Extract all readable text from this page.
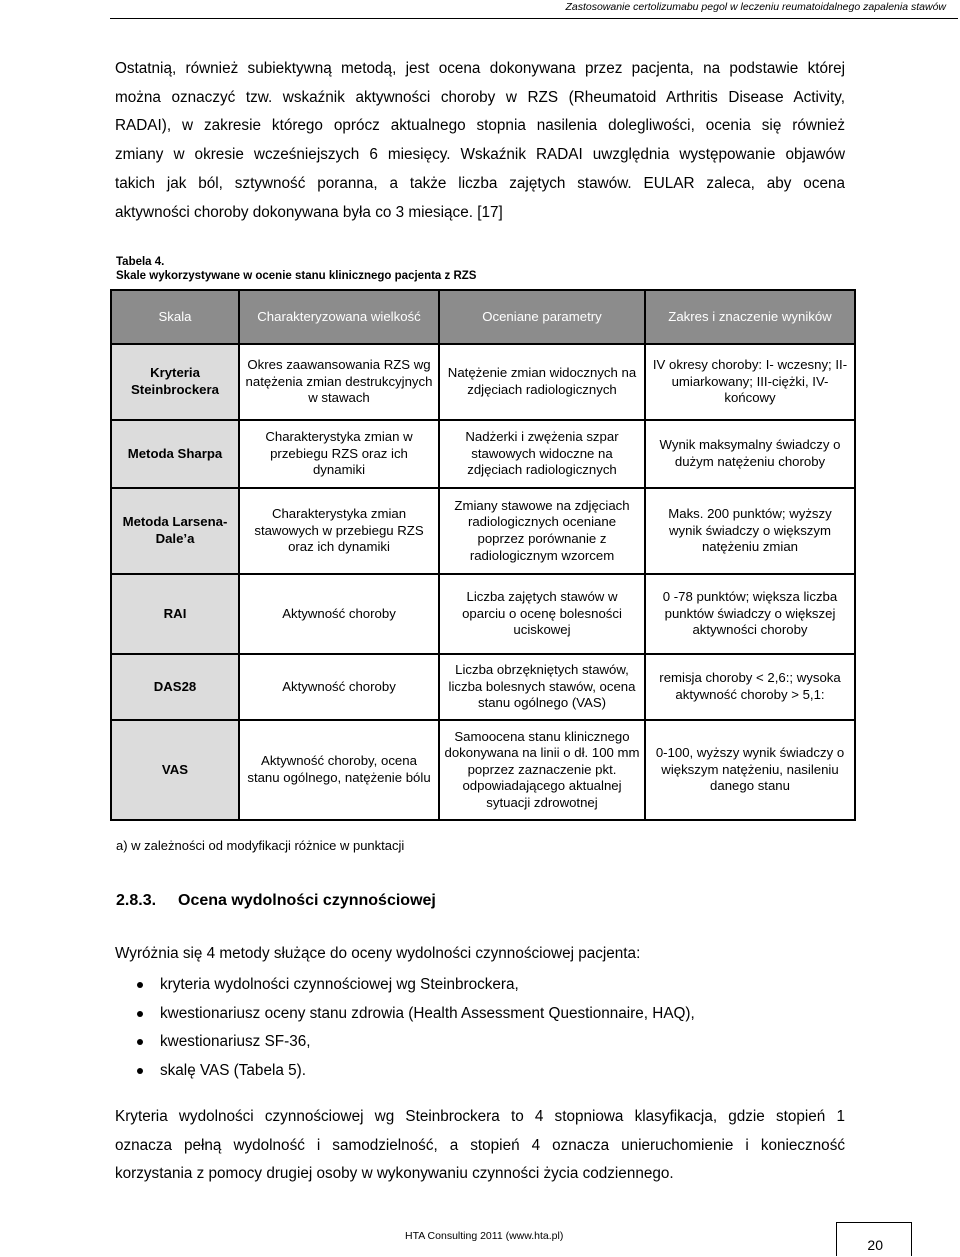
Zastosowanie certolizumabu pegol w leczeniu reumatoidalnego zapalenia stawów
Ostatnią, również subiektywną metodą, jest ocena dokonywana przez pacjenta, na podstawie której
można oznaczyć tzw. wskaźnik aktywności choroby w RZS (Rheumatoid Arthritis Disease Activity,
RADAI), w zakresie którego oprócz aktualnego stopnia nasilenia dolegliwości, ocenia się również
zmiany w okresie wcześniejszych 6 miesięcy. Wskaźnik RADAI uwzględnia występowanie objawów
takich jak ból, sztywność poranna, a także liczba zajętych stawów. EULAR zaleca, aby ocena
aktywności choroby dokonywana była co 3 miesiące. [17]
Tabela 4.
Skale wykorzystywane w ocenie stanu klinicznego pacjenta z RZS
Skala	Charakteryzowana wielkość	Oceniane parametry	Zakres i znaczenie wyników
Kryteria Steinbrockera	Okres zaawansowania RZS wg natężenia zmian destrukcyjnych w stawach	Natężenie zmian widocznych na zdjęciach radiologicznych	IV okresy choroby: I- wczesny; II-umiarkowany; III-ciężki, IV-końcowy
Metoda Sharpa	Charakterystyka zmian w przebiegu RZS oraz ich dynamiki	Nadżerki i zwężenia szpar stawowych widoczne na zdjęciach radiologicznych	Wynik maksymalny świadczy o dużym natężeniu choroby
Metoda Larsena-Dale’a	Charakterystyka zmian stawowych w przebiegu RZS oraz ich dynamiki	Zmiany stawowe na zdjęciach radiologicznych oceniane poprzez porównanie z radiologicznym wzorcem	Maks. 200 punktów; wyższy wynik świadczy o większym natężeniu zmian
RAI	Aktywność choroby	Liczba zajętych stawów w oparciu o ocenę bolesności uciskowej	0 -78 punktów; większa liczba punktów świadczy o większej aktywności choroby
DAS28	Aktywność choroby	Liczba obrzękniętych stawów, liczba bolesnych stawów, ocena stanu ogólnego (VAS)	remisja choroby < 2,6:; wysoka aktywność choroby > 5,1:
VAS	Aktywność choroby, ocena stanu ogólnego, natężenie bólu	Samoocena stanu klinicznego dokonywana na linii o dł. 100 mm poprzez zaznaczenie pkt. odpowiadającego aktualnej sytuacji zdrowotnej	0-100, wyższy wynik świadczy o większym natężeniu, nasileniu danego stanu
a) w zależności od modyfikacji różnice w punktacji
2.8.3. Ocena wydolności czynnościowej
Wyróżnia się 4 metody służące do oceny wydolności czynnościowej pacjenta:
kryteria wydolności czynnościowej wg Steinbrockera,
kwestionariusz oceny stanu zdrowia (Health Assessment Questionnaire, HAQ),
kwestionariusz SF-36,
skalę VAS (Tabela 5).
Kryteria wydolności czynnościowej wg Steinbrockera to 4 stopniowa klasyfikacja, gdzie stopień 1
oznacza pełną wydolność i samodzielność, a stopień 4 oznacza unieruchomienie i konieczność
korzystania z pomocy drugiej osoby w wykonywaniu czynności życia codziennego.
HTA Consulting 2011 (www.hta.pl)
20
